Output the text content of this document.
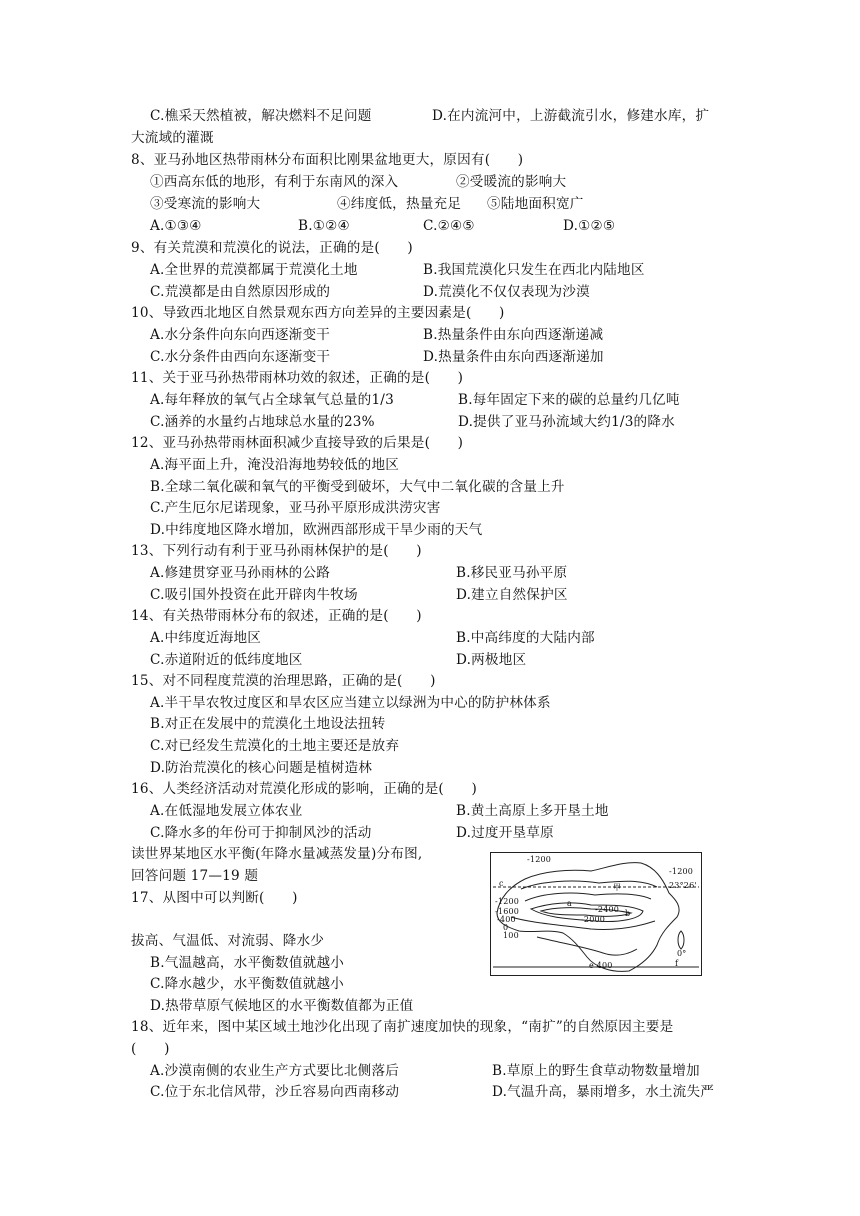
C.樵采天然植被，解决燃料不足问题	D.在内流河中，上游截流引水，修建水库，扩
大流域的灌溉
8、亚马孙地区热带雨林分布面积比刚果盆地更大，原因有(　　)
①西高东低的地形，有利于东南风的深入	②受暖流的影响大
③受寒流的影响大	④纬度低，热量充足 ⑤陆地面积宽广
A.①③④	B.①②④	C.②④⑤	D.①②⑤
9、有关荒漠和荒漠化的说法，正确的是(　　)
A.全世界的荒漠都属于荒漠化土地	B.我国荒漠化只发生在西北内陆地区
C.荒漠都是由自然原因形成的	D.荒漠化不仅仅表现为沙漠
10、导致西北地区自然景观东西方向差异的主要因素是(　　)
A.水分条件向东向西逐渐变干	B.热量条件由东向西逐渐递减
C.水分条件由西向东逐渐变干	D.热量条件由东向西逐渐递加
11、关于亚马孙热带雨林功效的叙述，正确的是(　　)
A.每年释放的氧气占全球氧气总量的1/3	B.每年固定下来的碳的总量约几亿吨
C.涵养的水量约占地球总水量的23%	D.提供了亚马孙流域大约1/3的降水
12、亚马孙热带雨林面积减少直接导致的后果是(　　)
A.海平面上升，淹没沿海地势较低的地区
B.全球二氧化碳和氧气的平衡受到破坏，大气中二氧化碳的含量上升
C.产生厄尔尼诺现象，亚马孙平原形成洪涝灾害
D.中纬度地区降水增加，欧洲西部形成干旱少雨的天气
13、下列行动有利于亚马孙雨林保护的是(　　)
A.修建贯穿亚马孙雨林的公路	B.移民亚马孙平原
C.吸引国外投资在此开辟肉牛牧场	D.建立自然保护区
14、有关热带雨林分布的叙述，正确的是(　　)
A.中纬度近海地区	B.中高纬度的大陆内部
C.赤道附近的低纬度地区	D.两极地区
15、对不同程度荒漠的治理思路，正确的是(　　)
A.半干旱农牧过度区和旱农区应当建立以绿洲为中心的防护林体系
B.对正在发展中的荒漠化土地设法扭转
C.对已经发生荒漠化的土地主要还是放弃
D.防治荒漠化的核心问题是植树造林
16、人类经济活动对荒漠化形成的影响，正确的是(　　)
A.在低湿地发展立体农业	B.黄土高原上多开垦土地
C.降水多的年份可于抑制风沙的活动	D.过度开垦草原
读世界某地区水平衡(年降水量减蒸发量)分布图,
回答问题 17—19 题
-1200
-1200
23°26'
-1200
-1600
-2000
-2400
-400
0
100
a
c
b
e 400	f
0°
甲
17、从图中可以判断(　　)
拔高、气温低、对流弱、降水少
B.气温越高，水平衡数值就越小
C.降水越少，水平衡数值就越小
D.热带草原气候地区的水平衡数值都为正值
18、近年来，图中某区域土地沙化出现了南扩速度加快的现象，“南扩”的自然原因主要是
(　　)
A.沙漠南侧的农业生产方式要比北侧落后	B.草原上的野生食草动物数量增加
C.位于东北信风带，沙丘容易向西南移动	D.气温升高，暴雨增多，水土流失严
